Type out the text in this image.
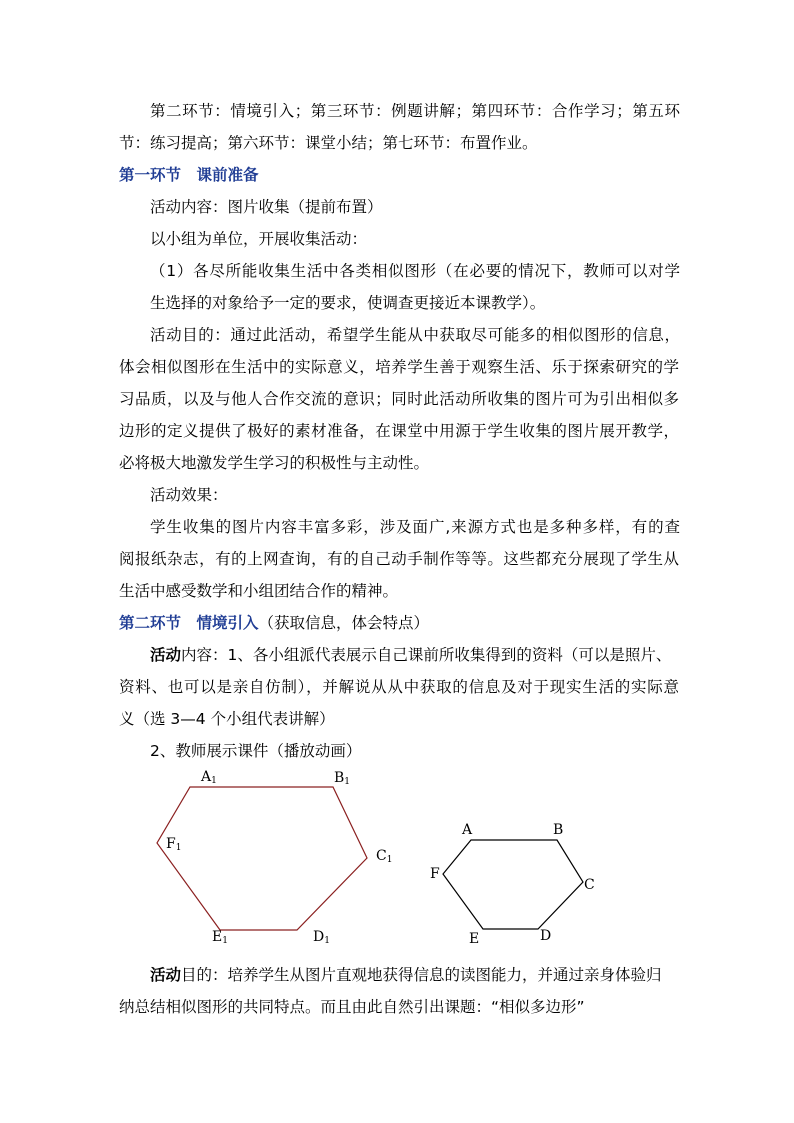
第二环节：情境引入；第三环节：例题讲解；第四环节：合作学习；第五环
节：练习提高；第六环节：课堂小结；第七环节：布置作业。
第一环节　课前准备
活动内容：图片收集（提前布置）
以小组为单位，开展收集活动：
（1）各尽所能收集生活中各类相似图形（在必要的情况下，教师可以对学
生选择的对象给予一定的要求，使调查更接近本课教学）。
活动目的：通过此活动，希望学生能从中获取尽可能多的相似图形的信息，
体会相似图形在生活中的实际意义，培养学生善于观察生活、乐于探索研究的学
习品质，以及与他人合作交流的意识；同时此活动所收集的图片可为引出相似多
边形的定义提供了极好的素材准备，在课堂中用源于学生收集的图片展开教学，
必将极大地激发学生学习的积极性与主动性。
活动效果：
学生收集的图片内容丰富多彩，涉及面广,来源方式也是多种多样，有的查
阅报纸杂志，有的上网查询，有的自己动手制作等等。这些都充分展现了学生从
生活中感受数学和小组团结合作的精神。
第二环节　情境引入（获取信息，体会特点）
活动内容：1、各小组派代表展示自己课前所收集得到的资料（可以是照片、
资料、也可以是亲自仿制），并解说从从中获取的信息及对于现实生活的实际意
义（选 3—4 个小组代表讲解）
2、教师展示课件（播放动画）
A1	B1
C1
D1
E1
F1
A	B
C
D
E
F
活动目的：培养学生从图片直观地获得信息的读图能力，并通过亲身体验归
纳总结相似图形的共同特点。而且由此自然引出课题：“相似多边形”
